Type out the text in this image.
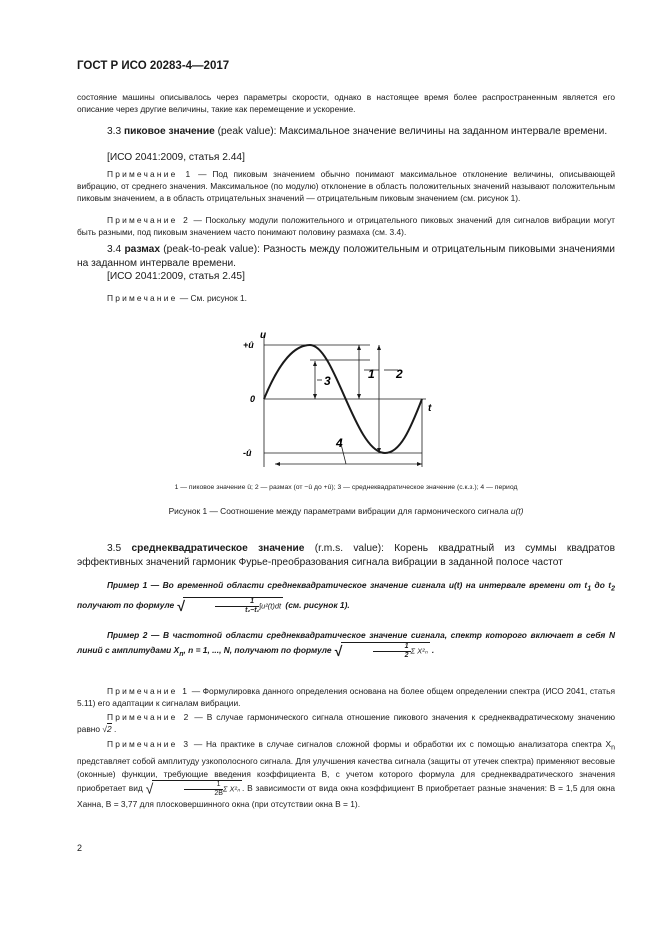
ГОСТ Р ИСО 20283-4—2017
состояние машины описывалось через параметры скорости, однако в настоящее время более распространенным является его описание через другие величины, такие как перемещение и ускорение.
3.3 пиковое значение (peak value): Максимальное значение величины на заданном интервале времени.
[ИСО 2041:2009, статья 2.44]
Примечание 1 — Под пиковым значением обычно понимают максимальное отклонение величины, описывающей вибрацию, от среднего значения. Максимальное (по модулю) отклонение в область положительных значений называют положительным пиковым значением, а в область отрицательных значений — отрицательным пиковым значением (см. рисунок 1).
Примечание 2 — Поскольку модули положительного и отрицательного пиковых значений для сигналов вибрации могут быть разными, под пиковым значением часто понимают половину размаха (см. 3.4).
3.4 размах (peak-to-peak value): Разность между положительным и отрицательным пиковыми значениями на заданном интервале времени.
[ИСО 2041:2009, статья 2.45]
Примечание — См. рисунок 1.
u
t
+û
0
-û
1 2
3
4
1 — пиковое значение û; 2 — размах (от −û до +û); 3 — среднеквадратическое значение (с.к.з.); 4 — период
Рисунок 1 — Соотношение между параметрами вибрации для гармонического сигнала u(t)
3.5 среднеквадратическое значение (r.m.s. value): Корень квадратный из суммы квадратов эффективных значений гармоник Фурье-преобразования сигнала вибрации в заданной полосе частот
Пример 1 — Во временной области среднеквадратическое значение сигнала u(t) на интервале времени от $t_1$ до $t_2$ получают по формуле √	$\frac{1}{\text{t₂−t₁}} \int u^2(t)dt$ (см. рисунок 1).
Пример 2 — В частотной области среднеквадратическое значение сигнала, спектр которого включает в себя N линий с амплитудами $X_n$, n = 1, ..., N, получают по формуле √	$\frac{1}{2}$ Σ X²ₙ .
Примечание 1 — Формулировка данного определения основана на более общем определении спектра (ИСО 2041, статья 5.11) его адаптации к сигналам вибрации.
Примечание 2 — В случае гармонического сигнала отношение пикового значения к среднеквадратическому значению равно √2 .
Примечание 3 — На практике в случае сигналов сложной формы и обработки их с помощью анализатора спектра $X_n$ представляет собой амплитуду узкополосного сигнала. Для улучшения качества сигнала (защиты от утечек спектра) применяют весовые (оконные) функции, требующие введения коэффициента B, с учетом которого формула для среднеквадратического значения приобретает вид √	$\frac{1}{2B}$ Σ X²ₙ . В зависимости от вида окна коэффициент B приобретает разные значения: B = 1,5 для окна Ханна, B = 3,77 для плосковершинного окна (при отсутствии окна B = 1).
2
